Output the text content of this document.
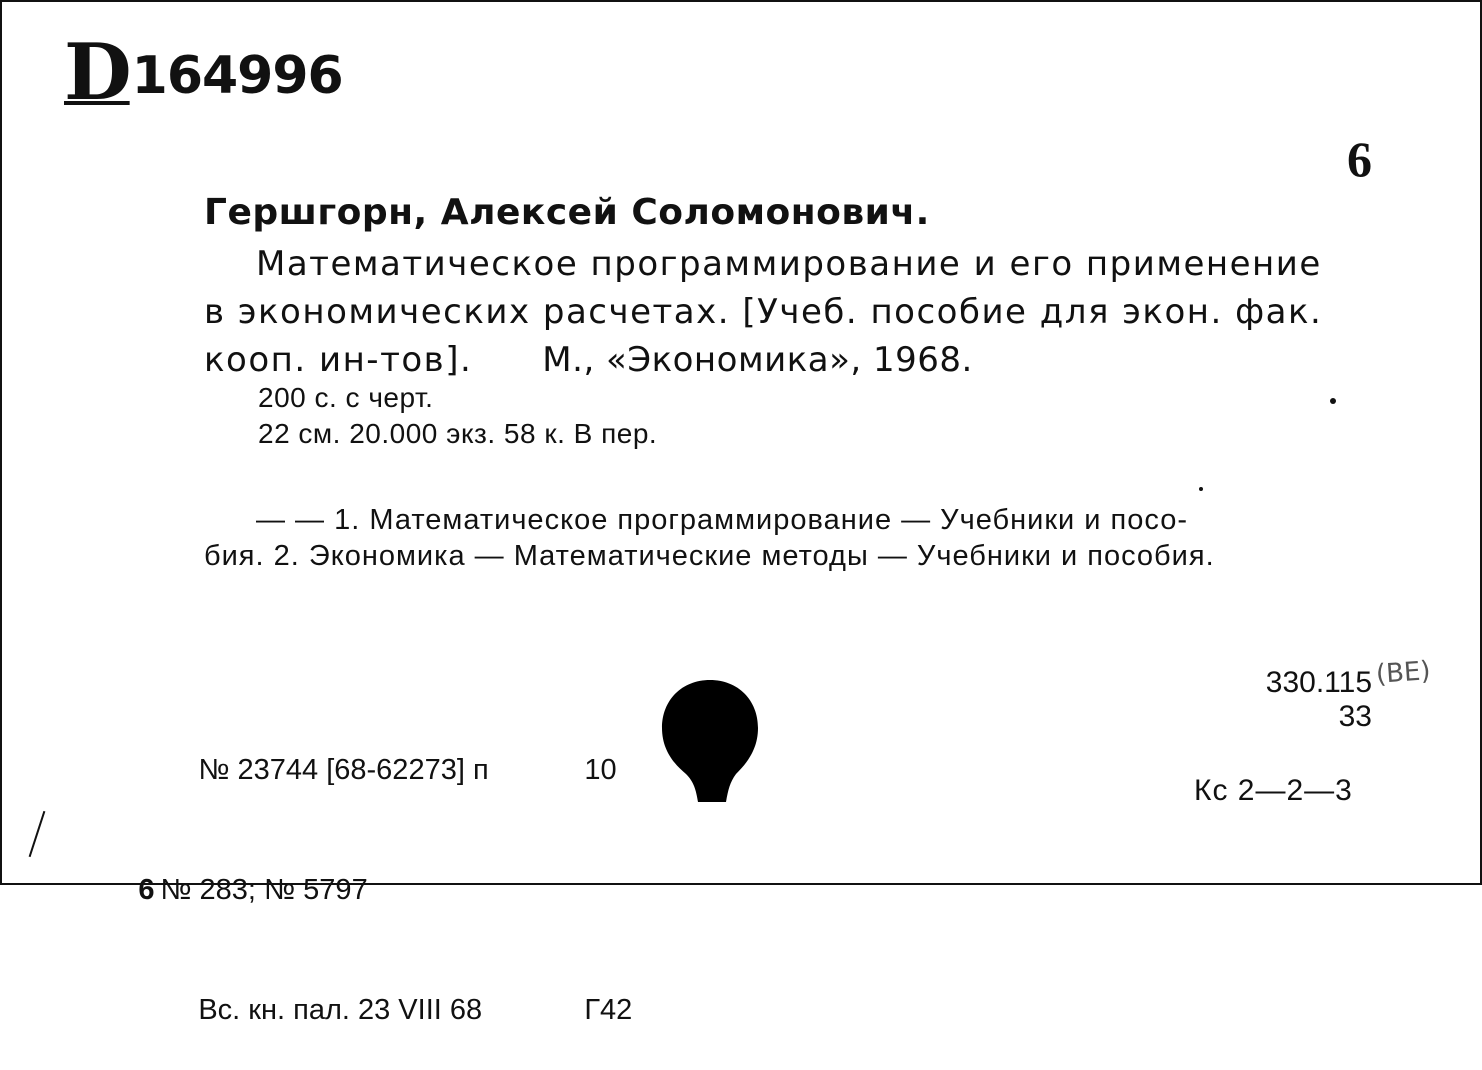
D 164996
6
Гершгорн, Алексей Соломонович.
Математическое программирование и его применение
в экономических расчетах. [Учеб. пособие для экон. фак.
кооп. ин-тов]. М., «Экономика», 1968.
200 с. с черт.
22 см. 20.000 экз. 58 к. В пер.
— — 1. Математическое программирование — Учебники и посо-
бия. 2. Экономика — Математические методы — Учебники и пособия.

№ 23744 [68-62273] п	10

6 № 283; № 5797

Вс. кн. пал. 23 VIII 68	Г42

330.115
33
(ВЕ)
Кс 2—2—3
